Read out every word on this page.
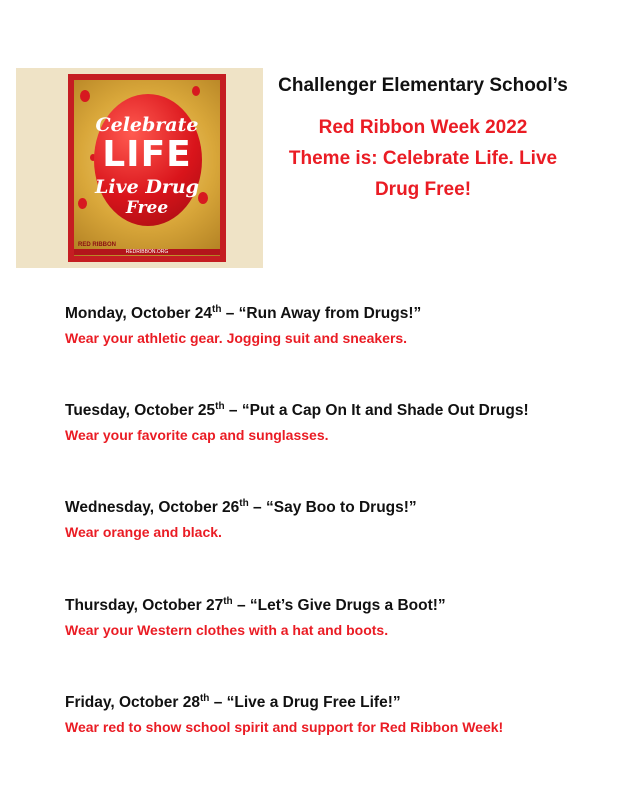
Celebrate
LIFE
Live Drug
Free
RED RIBBON
REDRIBBON.ORG
Challenger Elementary School’s
Red Ribbon Week 2022
Theme is: Celebrate Life. Live Drug Free!
Monday, October 24th – “Run Away from Drugs!”
Wear your athletic gear. Jogging suit and sneakers.
Tuesday, October 25th – “Put a Cap On It and Shade Out Drugs!
Wear your favorite cap and sunglasses.
Wednesday, October 26th – “Say Boo to Drugs!”
Wear orange and black.
Thursday, October 27th – “Let’s Give Drugs a Boot!”
Wear your Western clothes with a hat and boots.
Friday, October 28th – “Live a Drug Free Life!”
Wear red to show school spirit and support for Red Ribbon Week!
